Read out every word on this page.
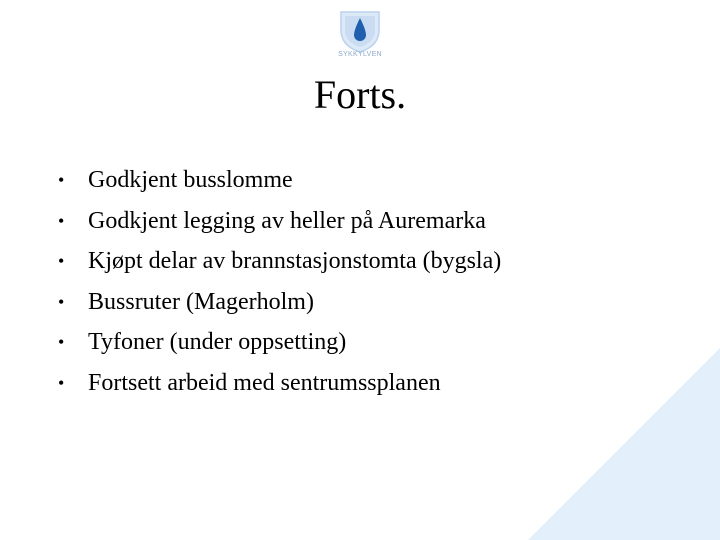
SYKKYLVEN
Forts.
• Godkjent busslomme
• Godkjent legging av heller på Auremarka
• Kjøpt delar av brannstasjonstomta (bygsla)
• Bussruter (Magerholm)
• Tyfoner (under oppsetting)
• Fortsett arbeid med sentrumssplanen
